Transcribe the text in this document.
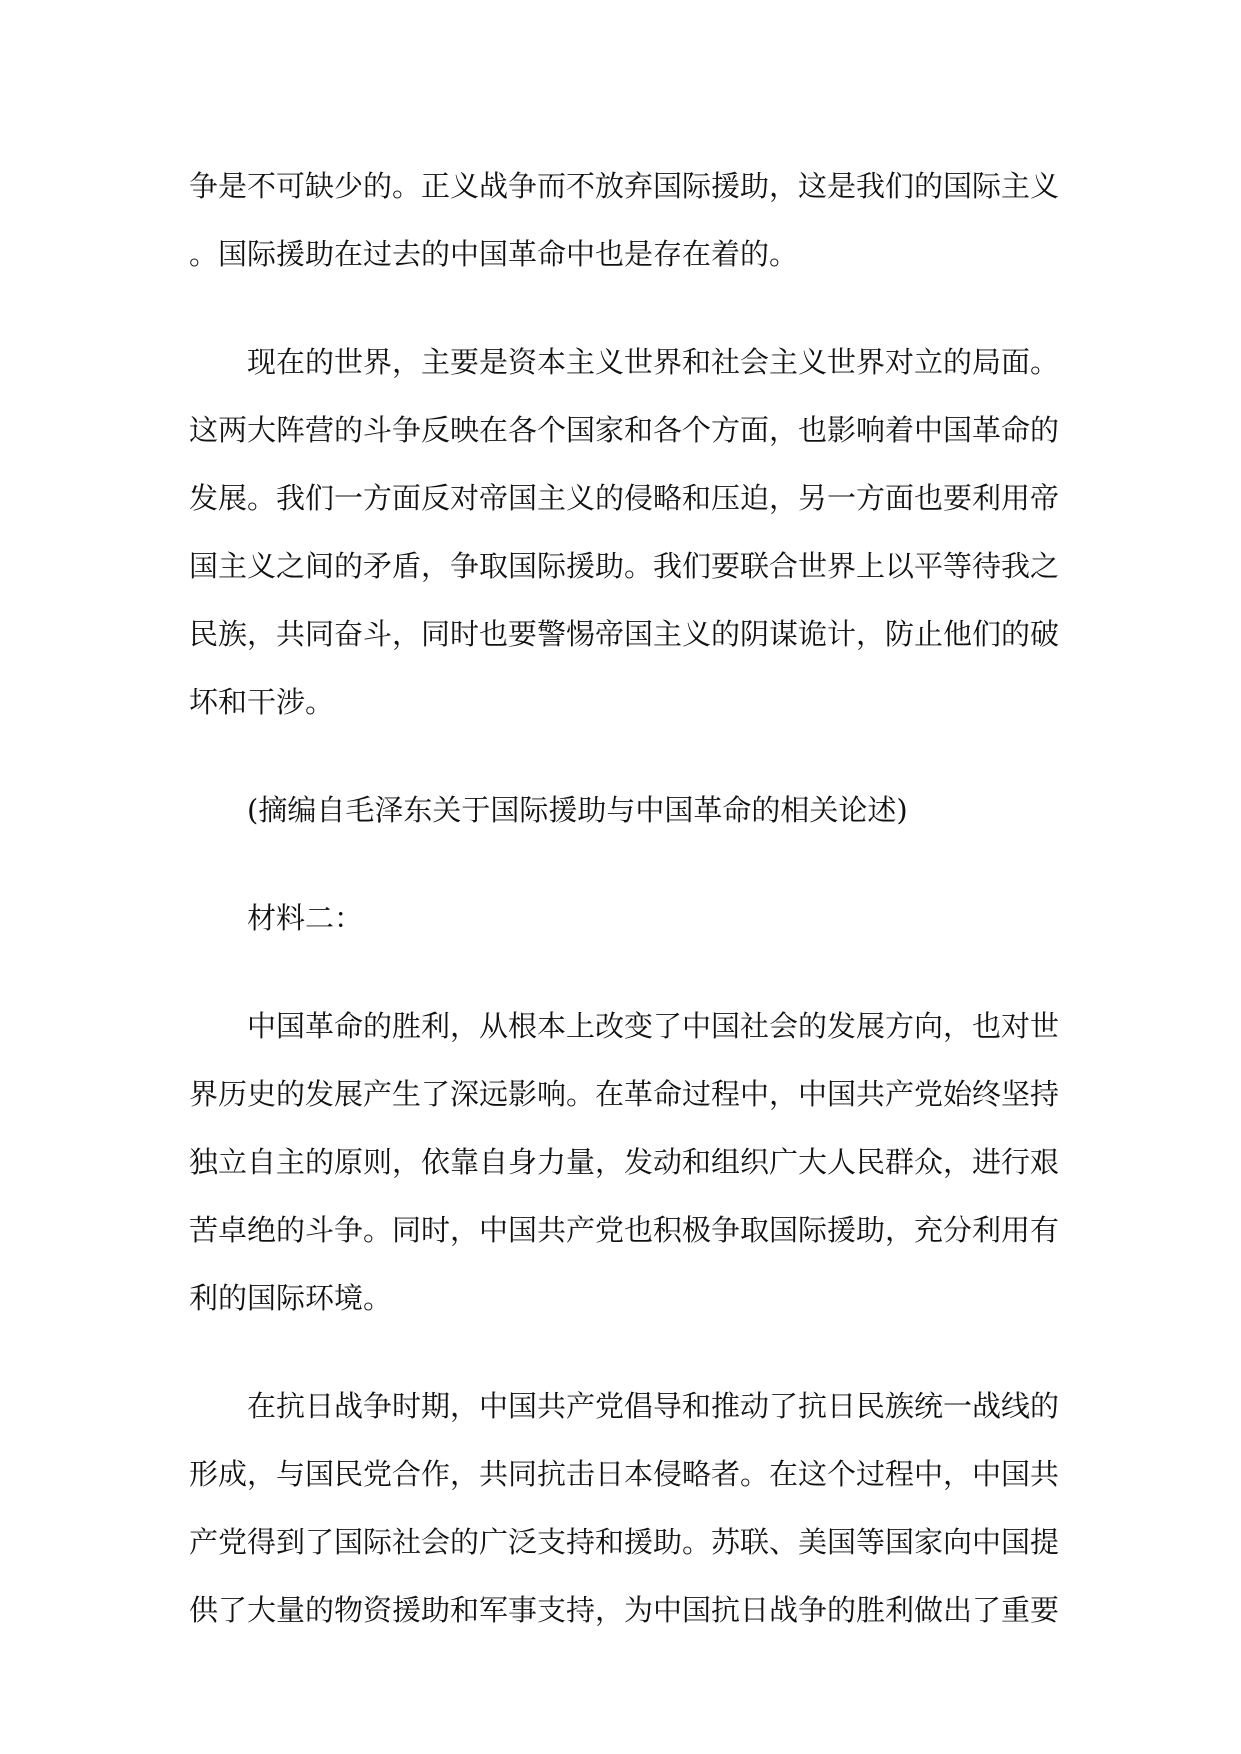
争是不可缺少的。正义战争而不放弃国际援助，这是我们的国际主义。国际援助在过去的中国革命中也是存在着的。

现在的世界，主要是资本主义世界和社会主义世界对立的局面。这两大阵营的斗争反映在各个国家和各个方面，也影响着中国革命的发展。我们一方面反对帝国主义的侵略和压迫，另一方面也要利用帝国主义之间的矛盾，争取国际援助。我们要联合世界上以平等待我之民族，共同奋斗，同时也要警惕帝国主义的阴谋诡计，防止他们的破坏和干涉。

(摘编自毛泽东关于国际援助与中国革命的相关论述)

材料二：

中国革命的胜利，从根本上改变了中国社会的发展方向，也对世界历史的发展产生了深远影响。在革命过程中，中国共产党始终坚持独立自主的原则，依靠自身力量，发动和组织广大人民群众，进行艰苦卓绝的斗争。同时，中国共产党也积极争取国际援助，充分利用有利的国际环境。

在抗日战争时期，中国共产党倡导和推动了抗日民族统一战线的形成，与国民党合作，共同抗击日本侵略者。在这个过程中，中国共产党得到了国际社会的广泛支持和援助。苏联、美国等国家向中国提供了大量的物资援助和军事支持，为中国抗日战争的胜利做出了重要
